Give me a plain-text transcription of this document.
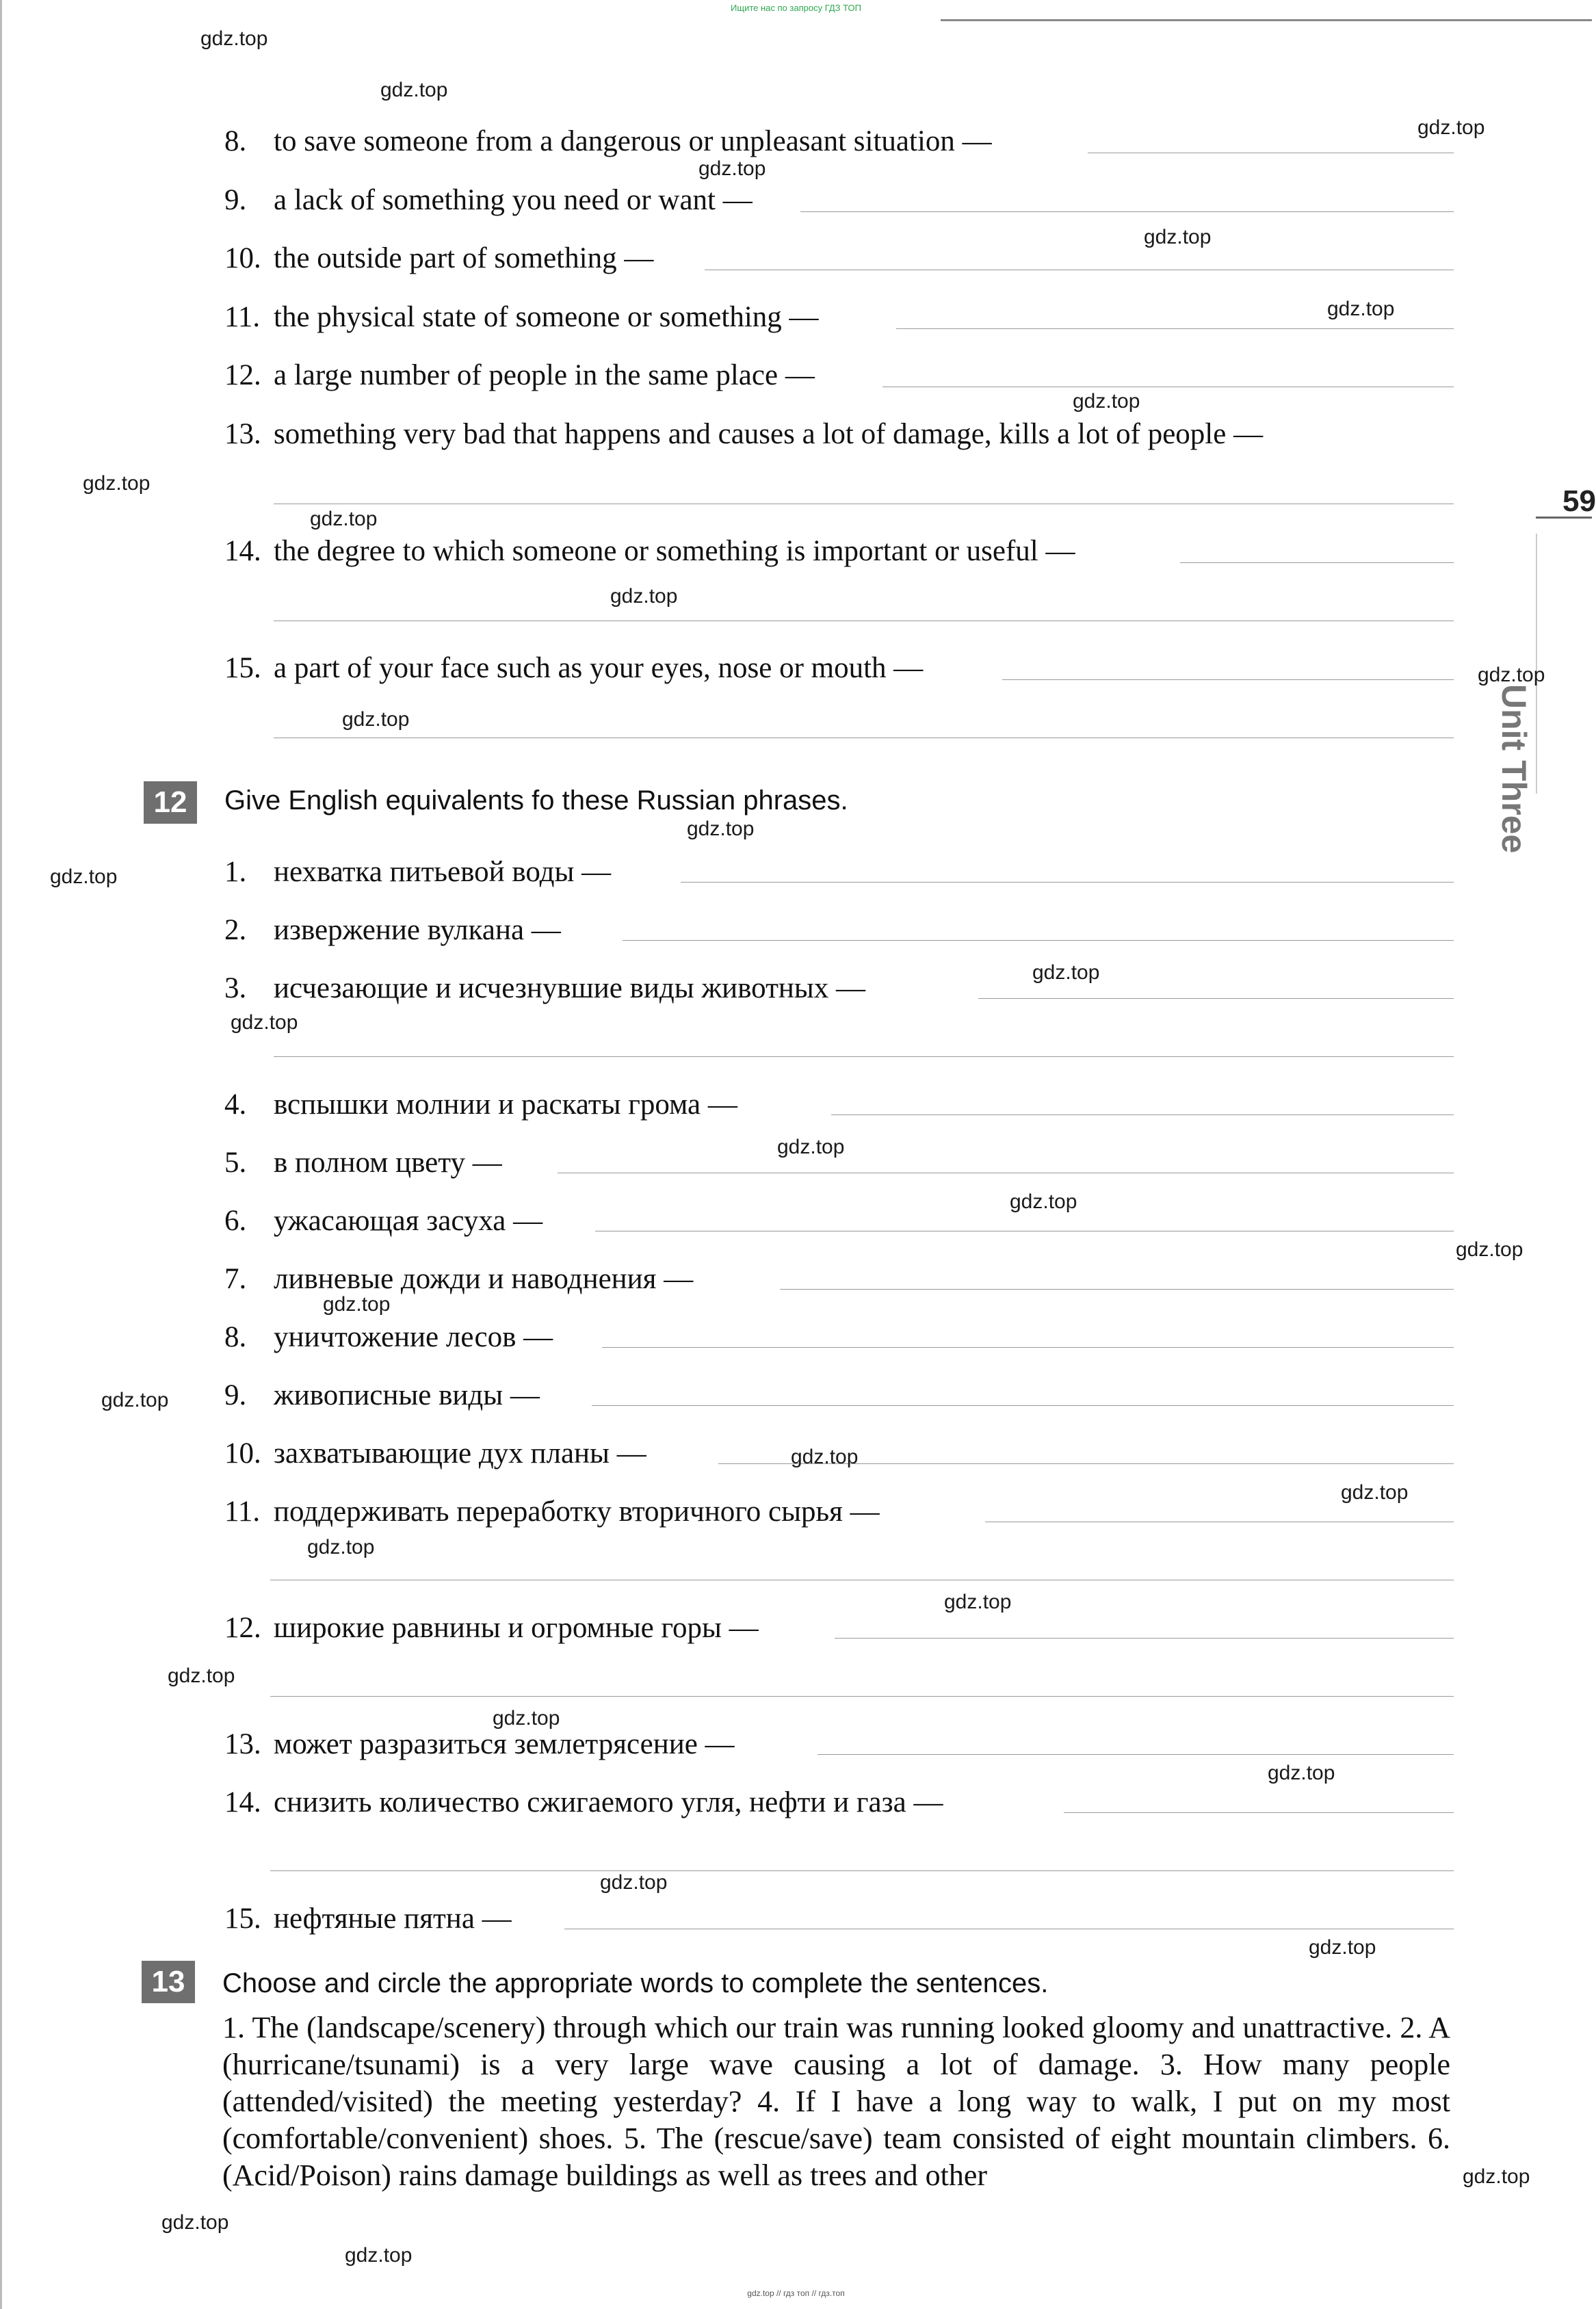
Ищите нас по запросу ГДЗ ТОП
8. to save someone from a dangerous or unpleasant situation —
9. a lack of something you need or want —
10. the outside part of something —
11. the physical state of someone or something —
12. a large number of people in the same place —
13. something very bad that happens and causes a lot of damage, kills a lot of people —
14. the degree to which someone or something is important or useful —
15. a part of your face such as your eyes, nose or mouth —
12	Give English equivalents fo these Russian phrases.
1. нехватка питьевой воды —
2. извержение вулкана —
3. исчезающие и исчезнувшие виды животных —
4. вспышки молнии и раскаты грома —
5. в полном цвету —
6. ужасающая засуха —
7. ливневые дожди и наводнения —
8. уничтожение лесов —
9. живописные виды —
10. захватывающие дух планы —
11. поддерживать переработку вторичного сырья —
12. широкие равнины и огромные горы —
13. может разразиться землетрясение —
14. снизить количество сжигаемого угля, нефти и газа —
15. нефтяные пятна —
13	Choose and circle the appropriate words to complete the sentences.
1. The (landscape/scenery) through which our train was running looked gloomy and unattractive. 2. A (hurricane/tsunami) is a very large wave causing a lot of damage. 3. How many people (attended/visited) the meeting yesterday? 4. If I have a long way to walk, I put on my most (comfortable/convenient) shoes. 5. The (rescue/save) team consisted of eight mountain climbers. 6. (Acid/Poison) rains damage buildings as well as trees and other
59
Unit Three
gdz.top
gdz.top
gdz.top
gdz.top
gdz.top
gdz.top
gdz.top
gdz.top
gdz.top
gdz.top
gdz.top
gdz.top
gdz.top
gdz.top
gdz.top
gdz.top
gdz.top
gdz.top
gdz.top
gdz.top
gdz.top
gdz.top
gdz.top
gdz.top
gdz.top
gdz.top
gdz.top
gdz.top
gdz.top
gdz.top
gdz.top
gdz.top
gdz.top
gdz.top // гдз топ // гдз.топ
